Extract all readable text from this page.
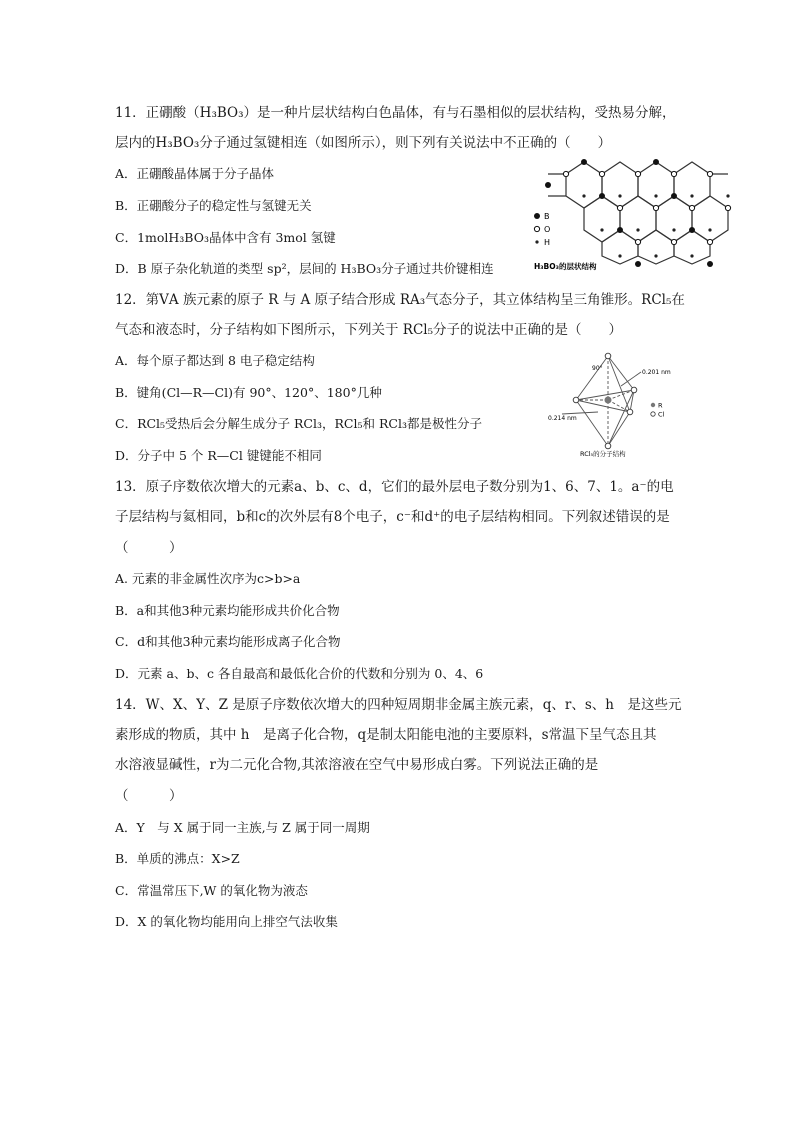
11．正硼酸（H₃BO₃）是一种片层状结构白色晶体，有与石墨相似的层状结构，受热易分解，
层内的H₃BO₃分子通过氢键相连（如图所示），则下列有关说法中不正确的（　　）
A．正硼酸晶体属于分子晶体
B．正硼酸分子的稳定性与氢键无关
C．1molH₃BO₃晶体中含有 3mol 氢键
D．B 原子杂化轨道的类型 sp²，层间的 H₃BO₃分子通过共价键相连
B
O
H
H₃BO₃的层状结构
12．第ⅤA 族元素的原子 R 与 A 原子结合形成 RA₃气态分子，其立体结构呈三角锥形。RCl₅在
气态和液态时，分子结构如下图所示，下列关于 RCl₅分子的说法中正确的是（　　）
A．每个原子都达到 8 电子稳定结构
B．键角(Cl—R—Cl)有 90°、120°、180°几种
C．RCl₅受热后会分解生成分子 RCl₃，RCl₅和 RCl₃都是极性分子
D．分子中 5 个 R—Cl 键键能不相同
90°
0.201 nm
0.214 nm
R
Cl
RCl₅的分子结构
13．原子序数依次增大的元素a、b、c、d，它们的最外层电子数分别为1、6、7、1。a⁻的电
子层结构与氦相同，b和c的次外层有8个电子，c⁻和d⁺的电子层结构相同。下列叙述错误的是
（　　　）
A. 元素的非金属性次序为c>b>a
B．a和其他3种元素均能形成共价化合物
C．d和其他3种元素均能形成离子化合物
D．元素 a、b、c 各自最高和最低化合价的代数和分别为 0、4、6
14．W、X、Y、Z 是原子序数依次增大的四种短周期非金属主族元素，q、r、s、h　是这些元
素形成的物质，其中 h　是离子化合物，q是制太阳能电池的主要原料，s常温下呈气态且其
水溶液显碱性，r为二元化合物,其浓溶液在空气中易形成白雾。下列说法正确的是
（　　　）
A．Y　与 X 属于同一主族,与 Z 属于同一周期
B．单质的沸点：X>Z
C．常温常压下,W 的氧化物为液态
D．X 的氧化物均能用向上排空气法收集
